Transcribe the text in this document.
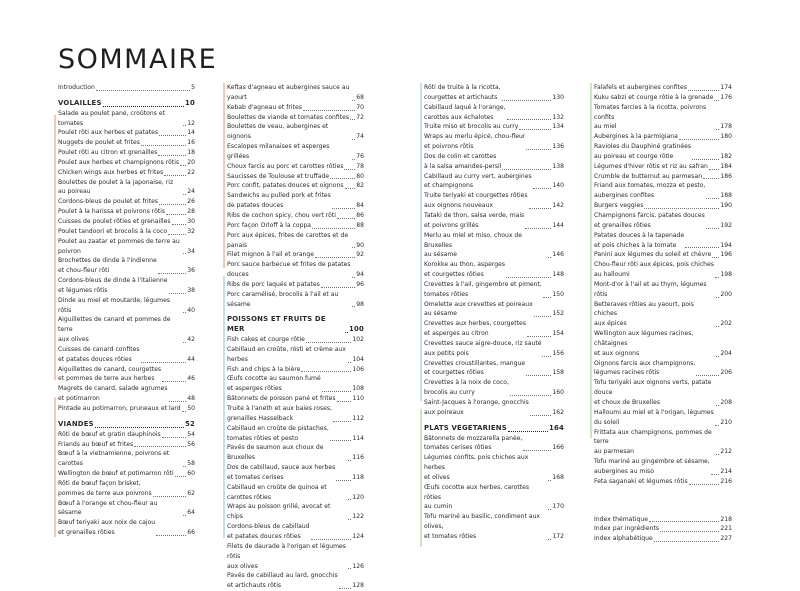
SOMMAIRE
Introduction	5
VOLAILLES	10
Salade au poulet pané, croûtons et tomates	12
Poulet rôti aux herbes et patates	14
Nuggets de poulet et frites	16
Poulet rôti au citron et grenailles	18
Poulet aux herbes et champignons rôtis 20
Chicken wings aux herbes et frites	22
Boulettes de poulet à la japonaise, riz au poireau	24
Cordons-bleus de poulet et frites	26
Poulet à la harissa et poivrons rôtis	28
Cuisses de poulet rôties et grenailles	30
Poulet tandoori et brocolis à la coco	32
Poulet au zaatar et pommes de terre au poivron	34
Brochettes de dinde à l'indienne
et chou-fleur rôti	36
Cordons-bleus de dinde à l'italienne
et légumes rôtis	38
Dinde au miel et moutarde, légumes rôtis	40
Aiguillettes de canard et pommes de terre
aux olives	42
Cuisses de canard confites
et patates douces rôties	44
Aiguillettes de canard, courgettes
et pommes de terre aux herbes	46
Magrets de canard, salade agrumes
et potimarron	48
Pintade au potimarron, pruneaux et lard 50
VIANDES	52
Rôti de bœuf et gratin dauphinois	54
Friands au bœuf et frites	56
Bœuf à la vietnamienne, poivrons et carottes	58
Wellington de bœuf et potimarron rôti 60
Rôti de bœuf façon brisket,
pommes de terre aux poivrons	62
Bœuf à l'orange et chou-fleur au sésame	64
Bœuf teriyaki aux noix de cajou
et grenailles rôties	66
Keftas d'agneau et aubergines sauce au yaourt	68
Kebab d'agneau et frites	70
Boulettes de viande et tomates confites 72
Boulettes de veau, aubergines et oignons	74
Escalopes milanaises et asperges grillées	76
Choux farcis au porc et carottes rôties 78
Saucisses de Toulouse et truffade	80
Porc confit, patates douces et oignons 82
Sandwichs au pulled pork et frites
de patates douces	84
Ribs de cochon spicy, chou vert rôti	86
Porc façon Orloff à la coppa	88
Porc aux épices, frites de carottes et de panais	90
Filet mignon à l'ail et orange	92
Porc sauce barbecue et frites de patates douces	94
Ribs de porc laqués et patates	96
Porc caramélisé, brocolis à l'ail et au sésame	98
POISSONS ET FRUITS DE MER	100
Fish cakes et courge rôtie	102
Cabillaud en croûte, rösti et crème aux herbes	104
Fish and chips à la bière	106
Œufs cocotte au saumon fumé
et asperges rôties	108
Bâtonnets de poisson pané et frites	110
Truite à l'aneth et aux baies roses,
grenailles Hasselback	112
Cabillaud en croûte de pistaches,
tomates rôties et pesto	114
Pavés de saumon aux choux de Bruxelles	116
Dos de cabillaud, sauce aux herbes
et tomates cerises	118
Cabillaud en croûte de quinoa et carottes rôties	120
Wraps au poisson grillé, avocat et chips	122
Cordons-bleus de cabillaud
et patates douces rôties	124
Filets de daurade à l'origan et légumes rôtis
aux olives	126
Pavés de cabillaud au lard, gnocchis
et artichauts rôtis	128
Rôti de truite à la ricotta,
courgettes et artichauts	130
Cabillaud laqué à l'orange,
carottes aux échalotes	132
Truite miso et brocolis au curry	134
Wraps au merlu épicé, chou-fleur
et poivrons rôtis	136
Dos de colin et carottes
à la salsa amandes-persil	138
Cabillaud au curry vert, aubergines
et champignons	140
Truite teriyaki et courgettes rôties
aux oignons nouveaux	142
Tataki de thon, salsa verde, mais
et poivrons grillés	144
Merlu au miel et miso, choux de Bruxelles
au sésame	146
Korokke au thon, asperges
et courgettes rôties	148
Crevettes à l'ail, gingembre et piment,
tomates rôties	150
Omelette aux crevettes et poireaux
au sésame	152
Crevettes aux herbes, courgettes
et asperges au citron	154
Crevettes sauce aigre-douce, riz sauté
aux petits pois	156
Crevettes croustillantes, mangue
et courgettes rôties	158
Crevettes à la noix de coco,
brocolis au curry	160
Saint-Jacques à l'orange, gnocchis
aux poireaux	162
PLATS VÉGÉTARIENS	164
Bâtonnets de mozzarella panée,
tomates cerises rôties	166
Légumes confits, pois chiches aux herbes
et olives	168
Œufs cocotte aux herbes, carottes rôties
au cumin	170
Tofu mariné au basilic, condiment aux olives,
et tomates rôties	172
Falafels et aubergines confites	174
Kuku sabzi et courge rôtie à la grenade 176
Tomates farcies à la ricotta, poivrons confits
au miel	178
Aubergines à la parmigiana	180
Ravioles du Dauphiné gratinées
au poireau et courge rôtie	182
Légumes d'hiver rôtis et riz au safran 184
Crumble de butternut au parmesan	186
Friand aux tomates, mozza et pesto,
aubergines confites	188
Burgers veggies	190
Champignons farcis, patates douces
et grenailles rôties	192
Patates douces à la tapenade
et pois chiches à la tomate	194
Panini aux légumes du soleil et chèvre 196
Chou-fleur rôti aux épices, pois chiches
au halloumi	198
Mont-d'or à l'ail et au thym, légumes rôtis	200
Betteraves rôties au yaourt, pois chiches
aux épices	202
Wellington aux légumes racines, châtaignes
et aux oignons	204
Oignons farcis aux champignons,
légumes racines rôtis	206
Tofu teriyaki aux oignons verts, patate douce
et choux de Bruxelles	208
Halloumi au miel et à l'origan, légumes
du soleil	210
Frittata aux champignons, pommes de terre
au parmesan	212
Tofu mariné au gingembre et sésame,
aubergines au miso	214
Feta saganaki et légumes rôtis	216
Index thématique	218
Index par ingrédients	221
Index alphabétique	227
